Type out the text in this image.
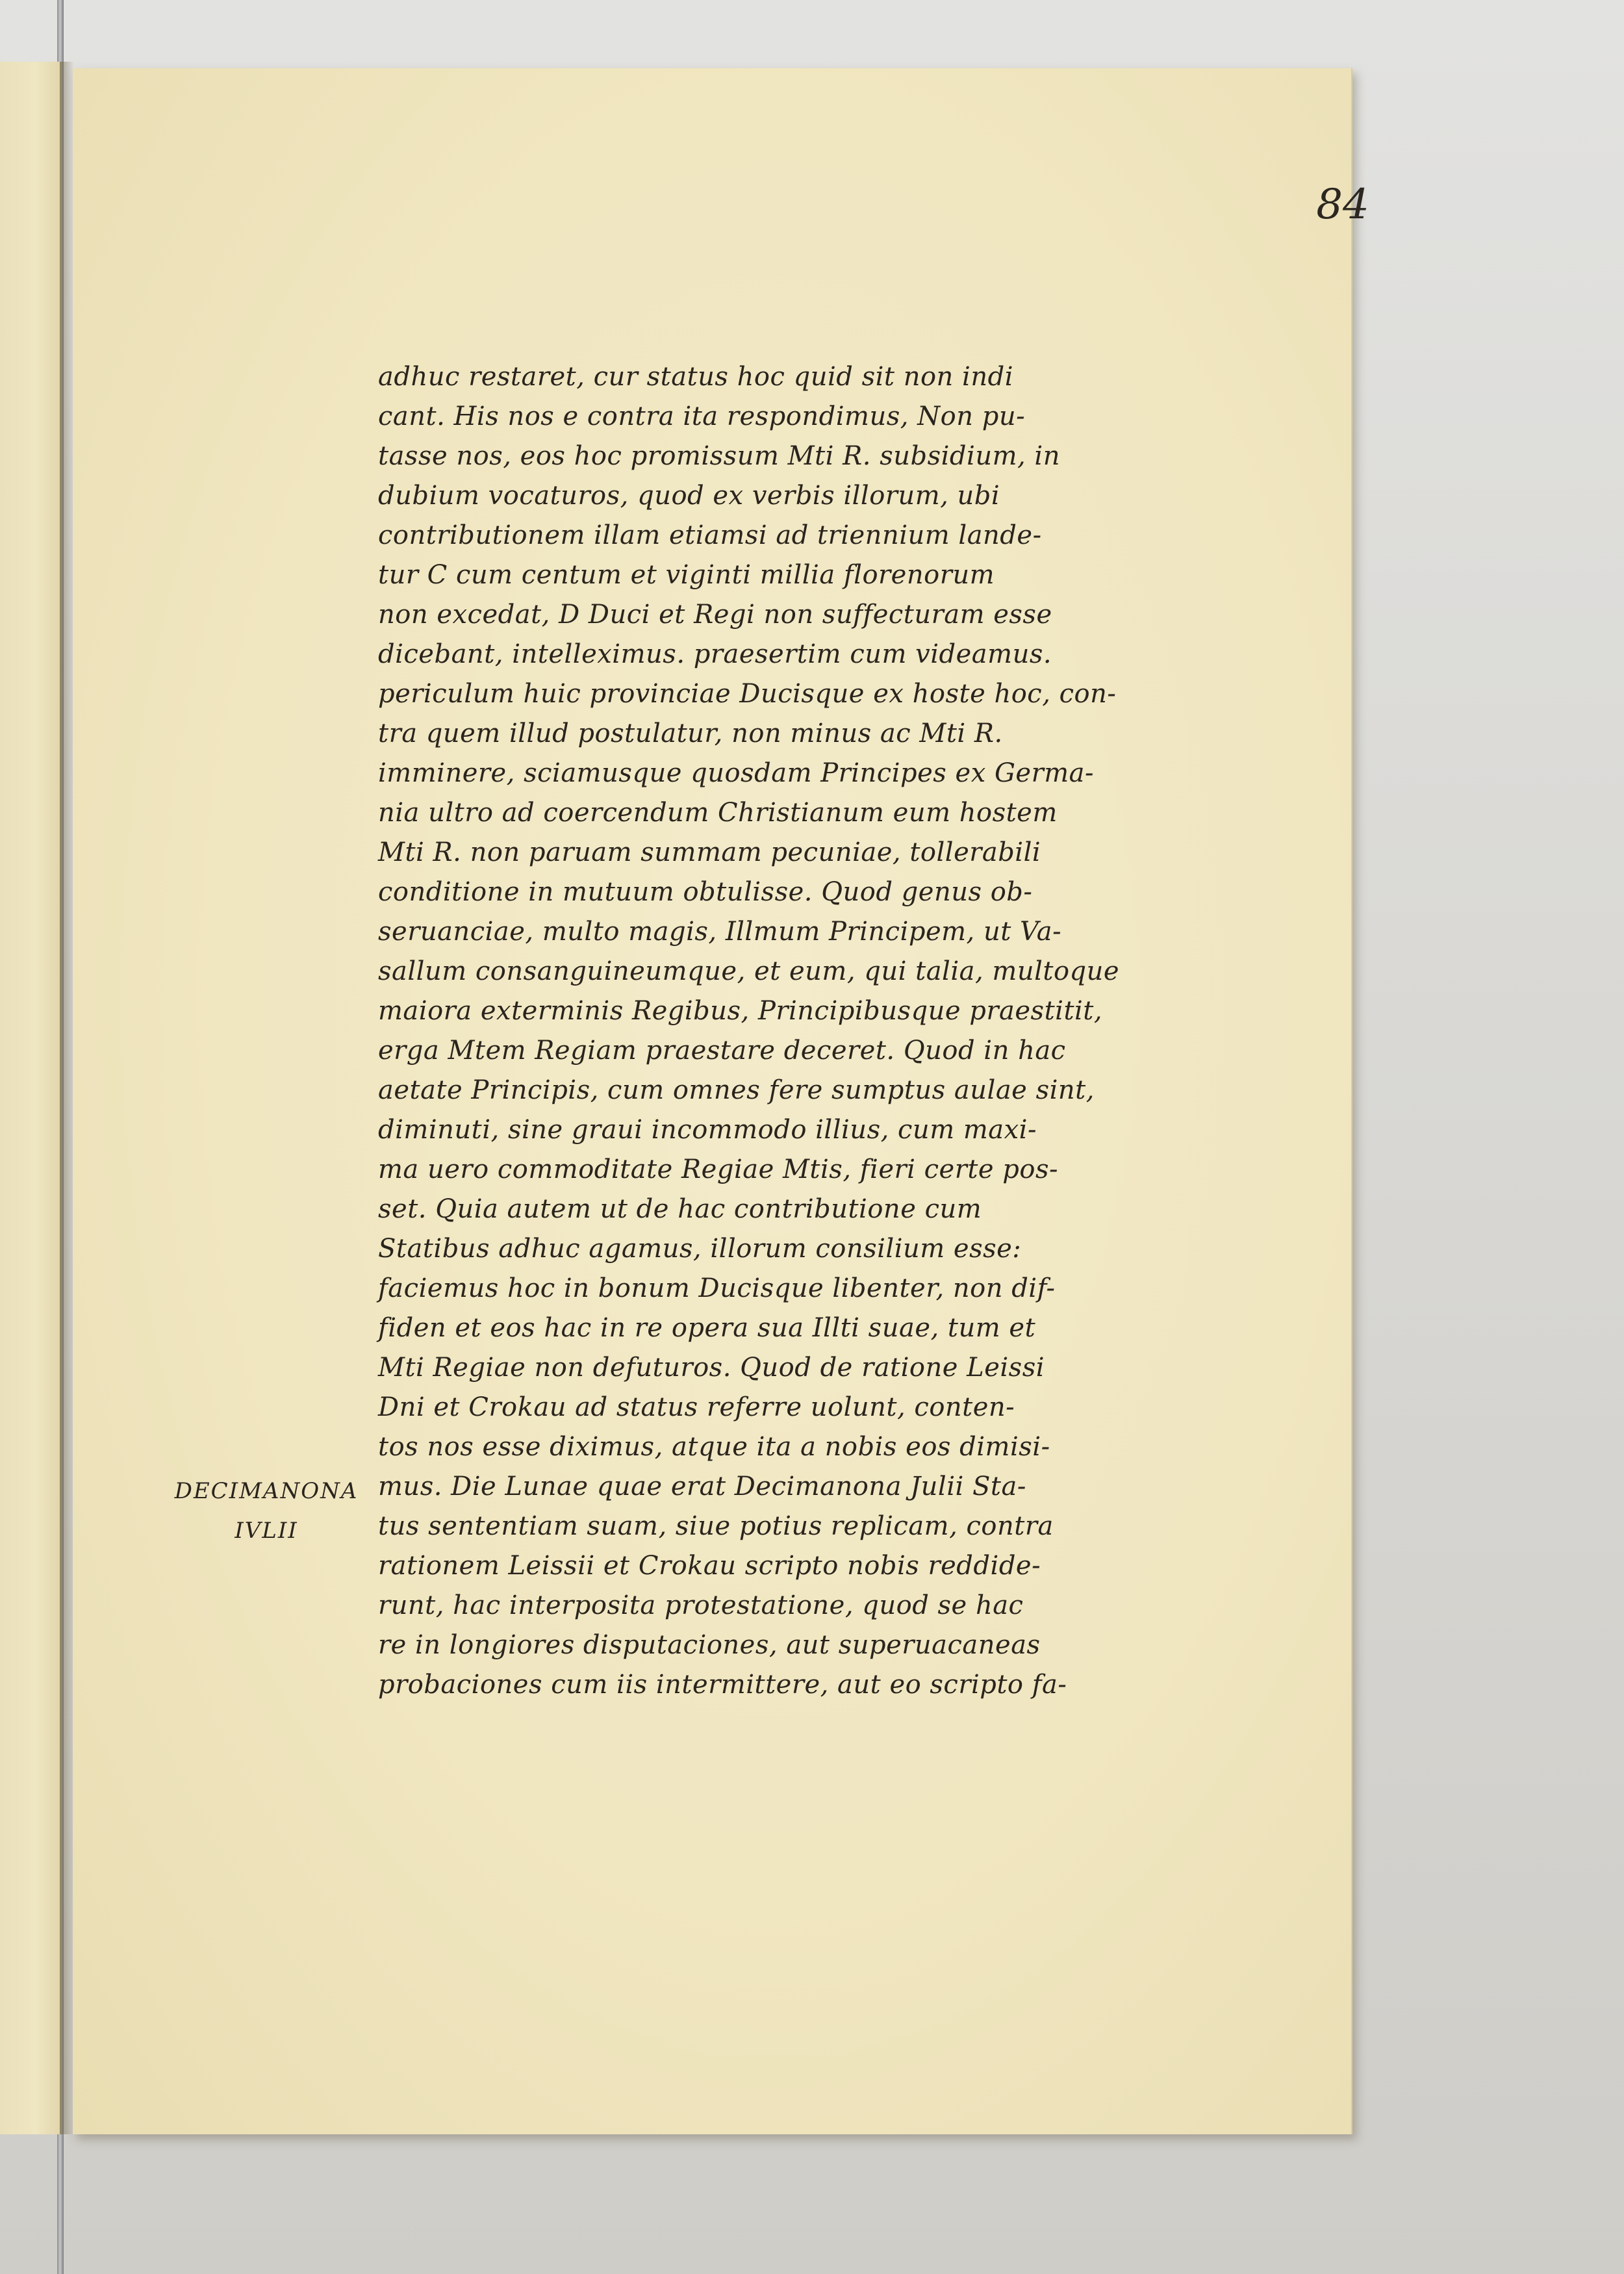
84
DECIMANONA
IVLII
adhuc restaret, cur status hoc quid sit non indi
cant. His nos e contra ita respondimus, Non pu-
tasse nos, eos hoc promissum Mti R. subsidium, in
dubium vocaturos, quod ex verbis illorum, ubi
contributionem illam etiamsi ad triennium lande-
tur C cum centum et viginti millia florenorum
non excedat, D Duci et Regi non suffecturam esse
dicebant, intelleximus. praesertim cum videamus.
periculum huic provinciae Ducisque ex hoste hoc, con-
tra quem illud postulatur, non minus ac Mti R.
imminere, sciamusque quosdam Principes ex Germa-
nia ultro ad coercendum Christianum eum hostem
Mti R. non paruam summam pecuniae, tollerabili
conditione in mutuum obtulisse. Quod genus ob-
seruanciae, multo magis, Illmum Principem, ut Va-
sallum consanguineumque, et eum, qui talia, multoque
maiora exterminis Regibus, Principibusque praestitit,
erga Mtem Regiam praestare deceret. Quod in hac
aetate Principis, cum omnes fere sumptus aulae sint,
diminuti, sine graui incommodo illius, cum maxi-
ma uero commoditate Regiae Mtis, fieri certe pos-
set. Quia autem ut de hac contributione cum
Statibus adhuc agamus, illorum consilium esse:
faciemus hoc in bonum Ducisque libenter, non dif-
fiden et eos hac in re opera sua Illti suae, tum et
Mti Regiae non defuturos. Quod de ratione Leissi
Dni et Crokau ad status referre uolunt, conten-
tos nos esse diximus, atque ita a nobis eos dimisi-
mus. Die Lunae quae erat Decimanona Julii Sta-
tus sententiam suam, siue potius replicam, contra
rationem Leissii et Crokau scripto nobis reddide-
runt, hac interposita protestatione, quod se hac
re in longiores disputaciones, aut superuacaneas
probaciones cum iis intermittere, aut eo scripto fa-
